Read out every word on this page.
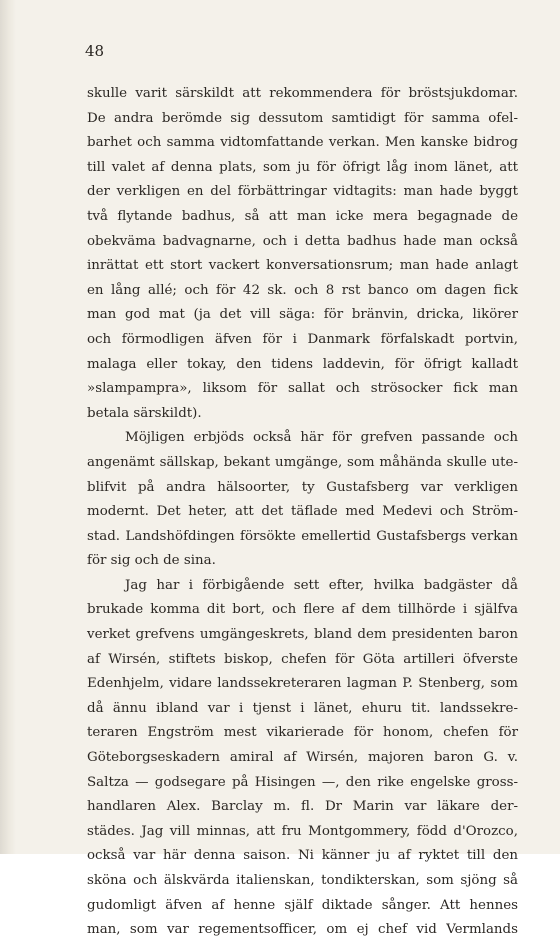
48
skulle varit särskildt att rekommendera för bröstsjukdomar.
De andra berömde sig dessutom samtidigt för samma ofel-
barhet och samma vidtomfattande verkan. Men kanske bidrog
till valet af denna plats, som ju för öfrigt låg inom länet, att
der verkligen en del förbättringar vidtagits: man hade byggt
två flytande badhus, så att man icke mera begagnade de
obekväma badvagnarne, och i detta badhus hade man också
inrättat ett stort vackert konversationsrum; man hade anlagt
en lång allé; och för 42 sk. och 8 rst banco om dagen fick
man god mat (ja det vill säga: för bränvin, dricka, likörer
och förmodligen äfven för i Danmark förfalskadt portvin,
malaga eller tokay, den tidens laddevin, för öfrigt kalladt
»slampampra», liksom för sallat och strösocker fick man
betala särskildt).
Möjligen erbjöds också här för grefven passande och
angenämt sällskap, bekant umgänge, som måhända skulle ute-
blifvit på andra hälsoorter, ty Gustafsberg var verkligen
modernt. Det heter, att det täflade med Medevi och Ström-
stad. Landshöfdingen försökte emellertid Gustafsbergs verkan
för sig och de sina.
Jag har i förbigående sett efter, hvilka badgäster då
brukade komma dit bort, och flere af dem tillhörde i själfva
verket grefvens umgängeskrets, bland dem presidenten baron
af Wirsén, stiftets biskop, chefen för Göta artilleri öfverste
Edenhjelm, vidare landssekreteraren lagman P. Stenberg, som
då ännu ibland var i tjenst i länet, ehuru tit. landssekre-
teraren Engström mest vikarierade för honom, chefen för
Göteborgseskadern amiral af Wirsén, majoren baron G. v.
Saltza — godsegare på Hisingen —, den rike engelske gross-
handlaren Alex. Barclay m. fl. Dr Marin var läkare der-
städes. Jag vill minnas, att fru Montgommery, född d'Orozco,
också var här denna saison. Ni känner ju af ryktet till den
sköna och älskvärda italienskan, tondikterskan, som sjöng så
gudomligt äfven af henne själf diktade sånger. Att hennes
man, som var regementsofficer, om ej chef vid Vermlands
